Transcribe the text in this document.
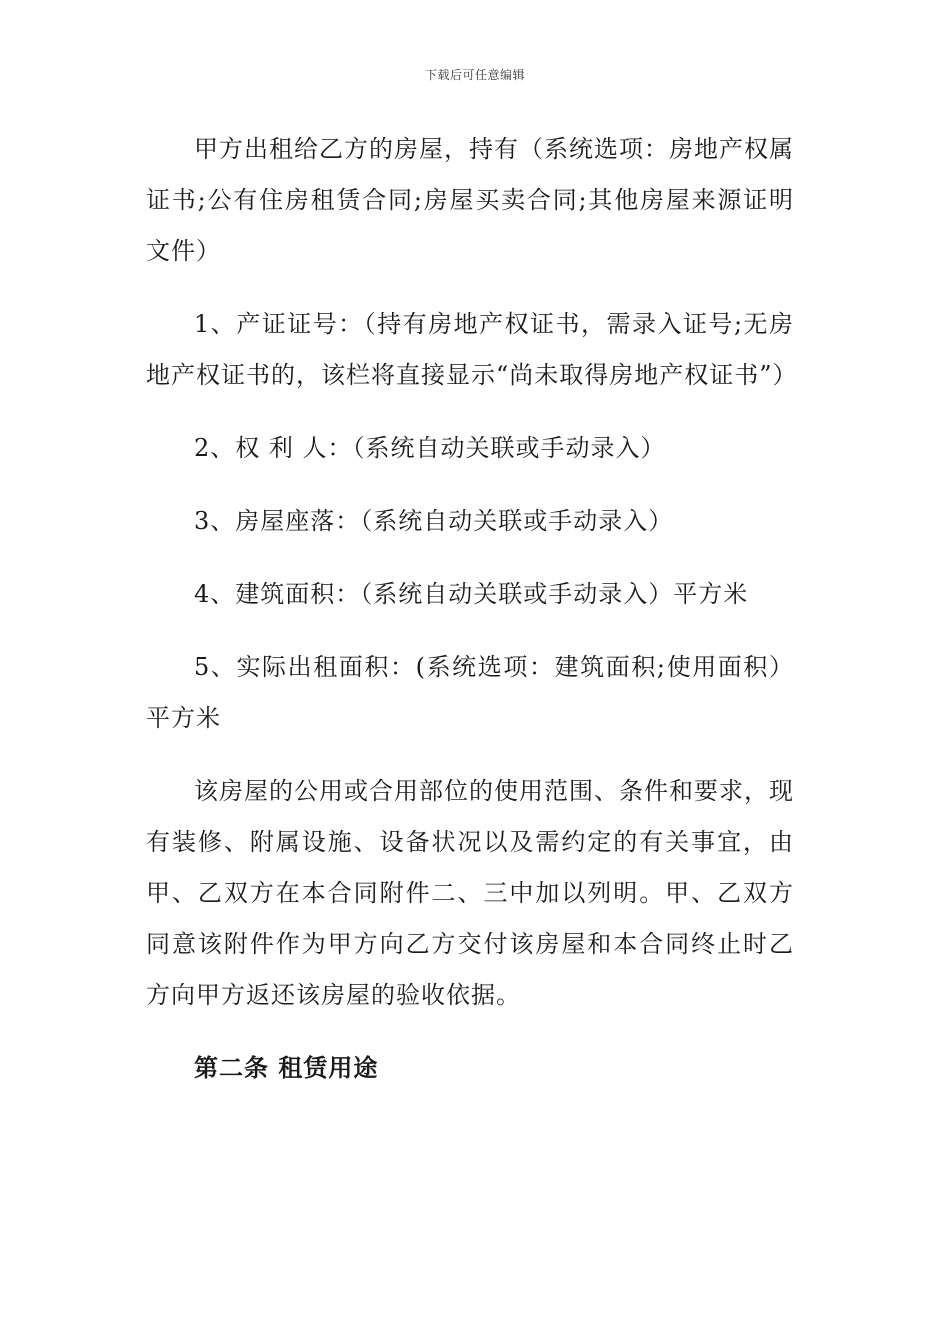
下载后可任意编辑

甲方出租给乙方的房屋，持有（系统选项：房地产权属证书;公有住房租赁合同;房屋买卖合同;其他房屋来源证明文件）

1、产证证号：（持有房地产权证书，需录入证号;无房地产权证书的，该栏将直接显示“尚未取得房地产权证书”）

2、权 利 人：（系统自动关联或手动录入）

3、房屋座落：（系统自动关联或手动录入）

4、建筑面积：（系统自动关联或手动录入）平方米

5、实际出租面积：(系统选项：建筑面积;使用面积）平方米

该房屋的公用或合用部位的使用范围、条件和要求，现有装修、附属设施、设备状况以及需约定的有关事宜，由甲、乙双方在本合同附件二、三中加以列明。甲、乙双方同意该附件作为甲方向乙方交付该房屋和本合同终止时乙方向甲方返还该房屋的验收依据。

第二条 租赁用途
